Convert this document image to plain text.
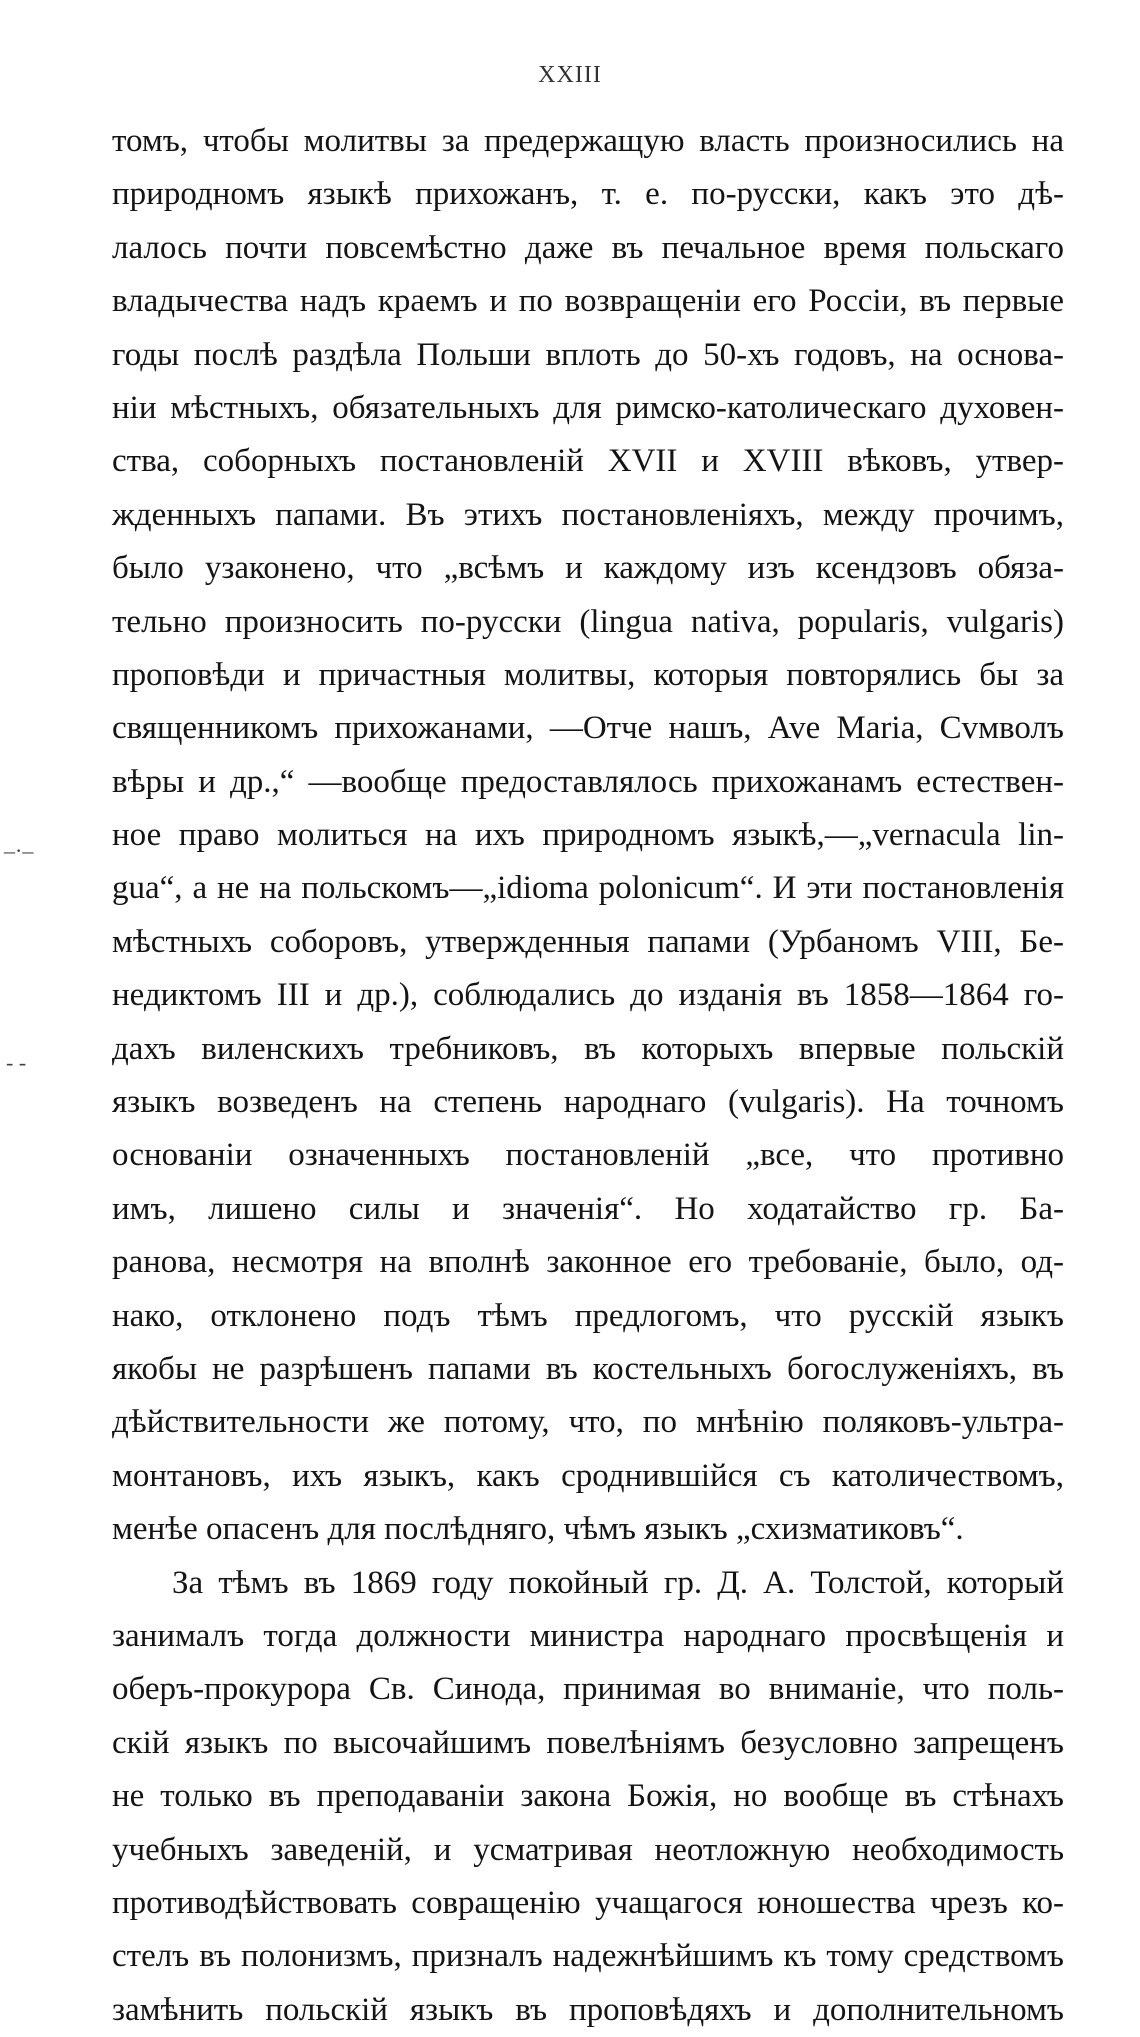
XXIII
–·–
- -
томъ, чтобы молитвы за предержащую власть произносились на
природномъ языкѣ прихожанъ, т. е. по-русски, какъ это дѣ-
лалось почти повсемѣстно даже въ печальное время польскаго
владычества надъ краемъ и по возвращенiи его Россiи, въ первые
годы послѣ раздѣла Польши вплоть до 50-хъ годовъ, на основа-
нiи мѣстныхъ, обязательныхъ для римско-католическаго духовен-
ства, соборныхъ постановленiй XVII и XVIII вѣковъ, утвер-
жденныхъ папами. Въ этихъ постановленiяхъ, между прочимъ,
было узаконено, что „всѣмъ и каждому изъ ксендзовъ обяза-
тельно произносить по-русски (lingua nativa, popularis, vulgaris)
проповѣди и причастныя молитвы, которыя повторялись бы за
священникомъ прихожанами, —Отче нашъ, Ave Maria, Сvмволъ
вѣры и др.,“ —вообще предоставлялось прихожанамъ естествен-
ное право молиться на ихъ природномъ языкѣ,—„vernacula lin-
gua“, а не на польскомъ—„idioma polonicum“. И эти постановленiя
мѣстныхъ соборовъ, утвержденныя папами (Урбаномъ VIII, Бе-
недиктомъ III и др.), соблюдались до изданiя въ 1858—1864 го-
дахъ виленскихъ требниковъ, въ которыхъ впервые польскiй
языкъ возведенъ на степень народнаго (vulgaris). На точномъ
основанiи означенныхъ постановленiй „все, что противно
имъ, лишено силы и значенiя“. Но ходатайство гр. Ба-
ранова, несмотря на вполнѣ законное его требованiе, было, од-
нако, отклонено подъ тѣмъ предлогомъ, что русскiй языкъ
якобы не разрѣшенъ папами въ костельныхъ богослуженiяхъ, въ
дѣйствительности же потому, что, по мнѣнiю поляковъ-ультра-
монтановъ, ихъ языкъ, какъ сроднившiйся съ католичествомъ,
менѣе опасенъ для послѣдняго, чѣмъ языкъ „схизматиковъ“.
За тѣмъ въ 1869 году покойный гр. Д. А. Толстой, который
занималъ тогда должности министра народнаго просвѣщенiя и
оберъ-прокурора Св. Синода, принимая во вниманiе, что поль-
скiй языкъ по высочайшимъ повелѣнiямъ безусловно запрещенъ
не только въ преподаванiи закона Божiя, но вообще въ стѣнахъ
учебныхъ заведенiй, и усматривая неотложную необходимость
противодѣйствовать совращенiю учащагося юношества чрезъ ко-
стелъ въ полонизмъ, призналъ надежнѣйшимъ къ тому средствомъ
замѣнить польскiй языкъ въ проповѣдяхъ и дополнительномъ
